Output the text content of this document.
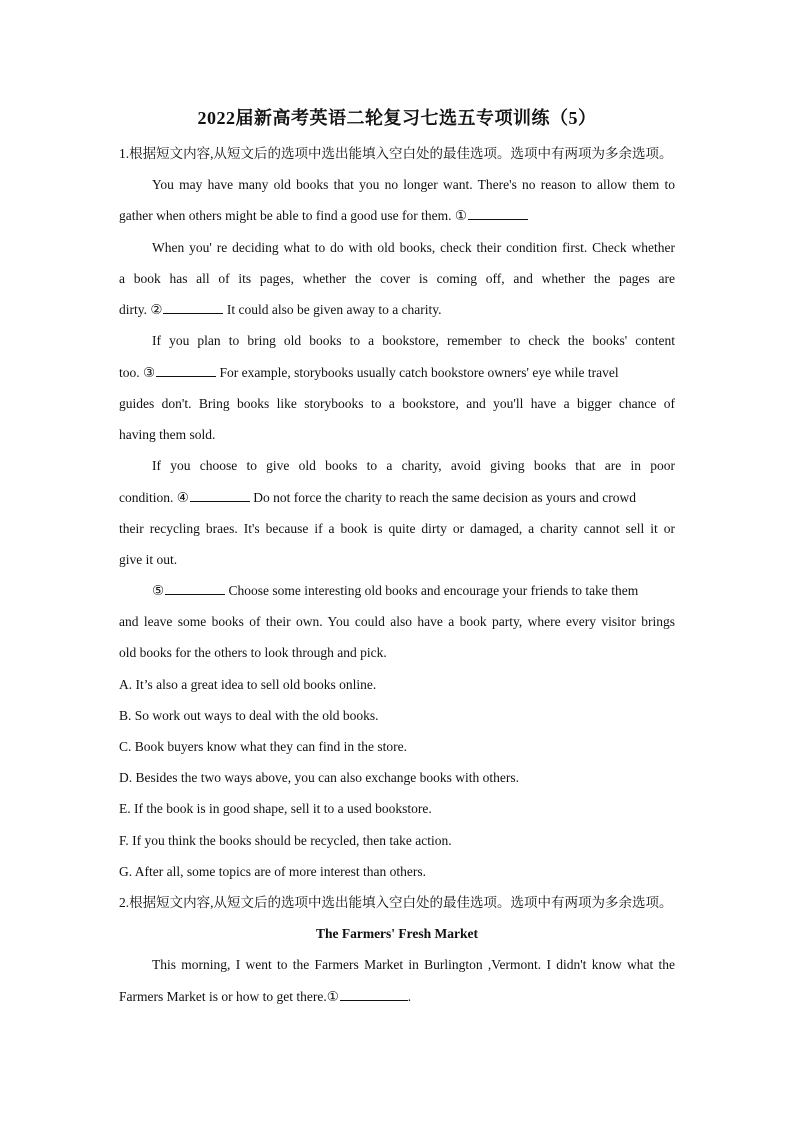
2022届新高考英语二轮复习七选五专项训练（5）
1.根据短文内容,从短文后的选项中选出能填入空白处的最佳选项。选项中有两项为多余选项。
You may have many old books that you no longer want. There's no reason to allow them to
gather when others might be able to find a good use for them. ①
When you' re deciding what to do with old books, check their condition first. Check whether
a book has all of its pages, whether the cover is coming off, and whether the pages are
dirty. ②	It could also be given away to a charity.
If you plan to bring old books to a bookstore, remember to check the books' content
too. ③	For example, storybooks usually catch bookstore owners' eye while travel
guides don't. Bring books like storybooks to a bookstore, and you'll have a bigger chance of
having them sold.
If you choose to give old books to a charity, avoid giving books that are in poor
condition. ④	Do not force the charity to reach the same decision as yours and crowd
their recycling braes. It's because if a book is quite dirty or damaged, a charity cannot sell it or
give it out.
⑤	Choose some interesting old books and encourage your friends to take them
and leave some books of their own. You could also have a book party, where every visitor brings
old books for the others to look through and pick.
A. It’s also a great idea to sell old books online.
B. So work out ways to deal with the old books.
C. Book buyers know what they can find in the store.
D. Besides the two ways above, you can also exchange books with others.
E. If the book is in good shape, sell it to a used bookstore.
F. If you think the books should be recycled, then take action.
G. After all, some topics are of more interest than others.
2.根据短文内容,从短文后的选项中选出能填入空白处的最佳选项。选项中有两项为多余选项。
The Farmers' Fresh Market
This morning, I went to the Farmers Market in Burlington ,Vermont. I didn't know what the
Farmers Market is or how to get there.①	.
